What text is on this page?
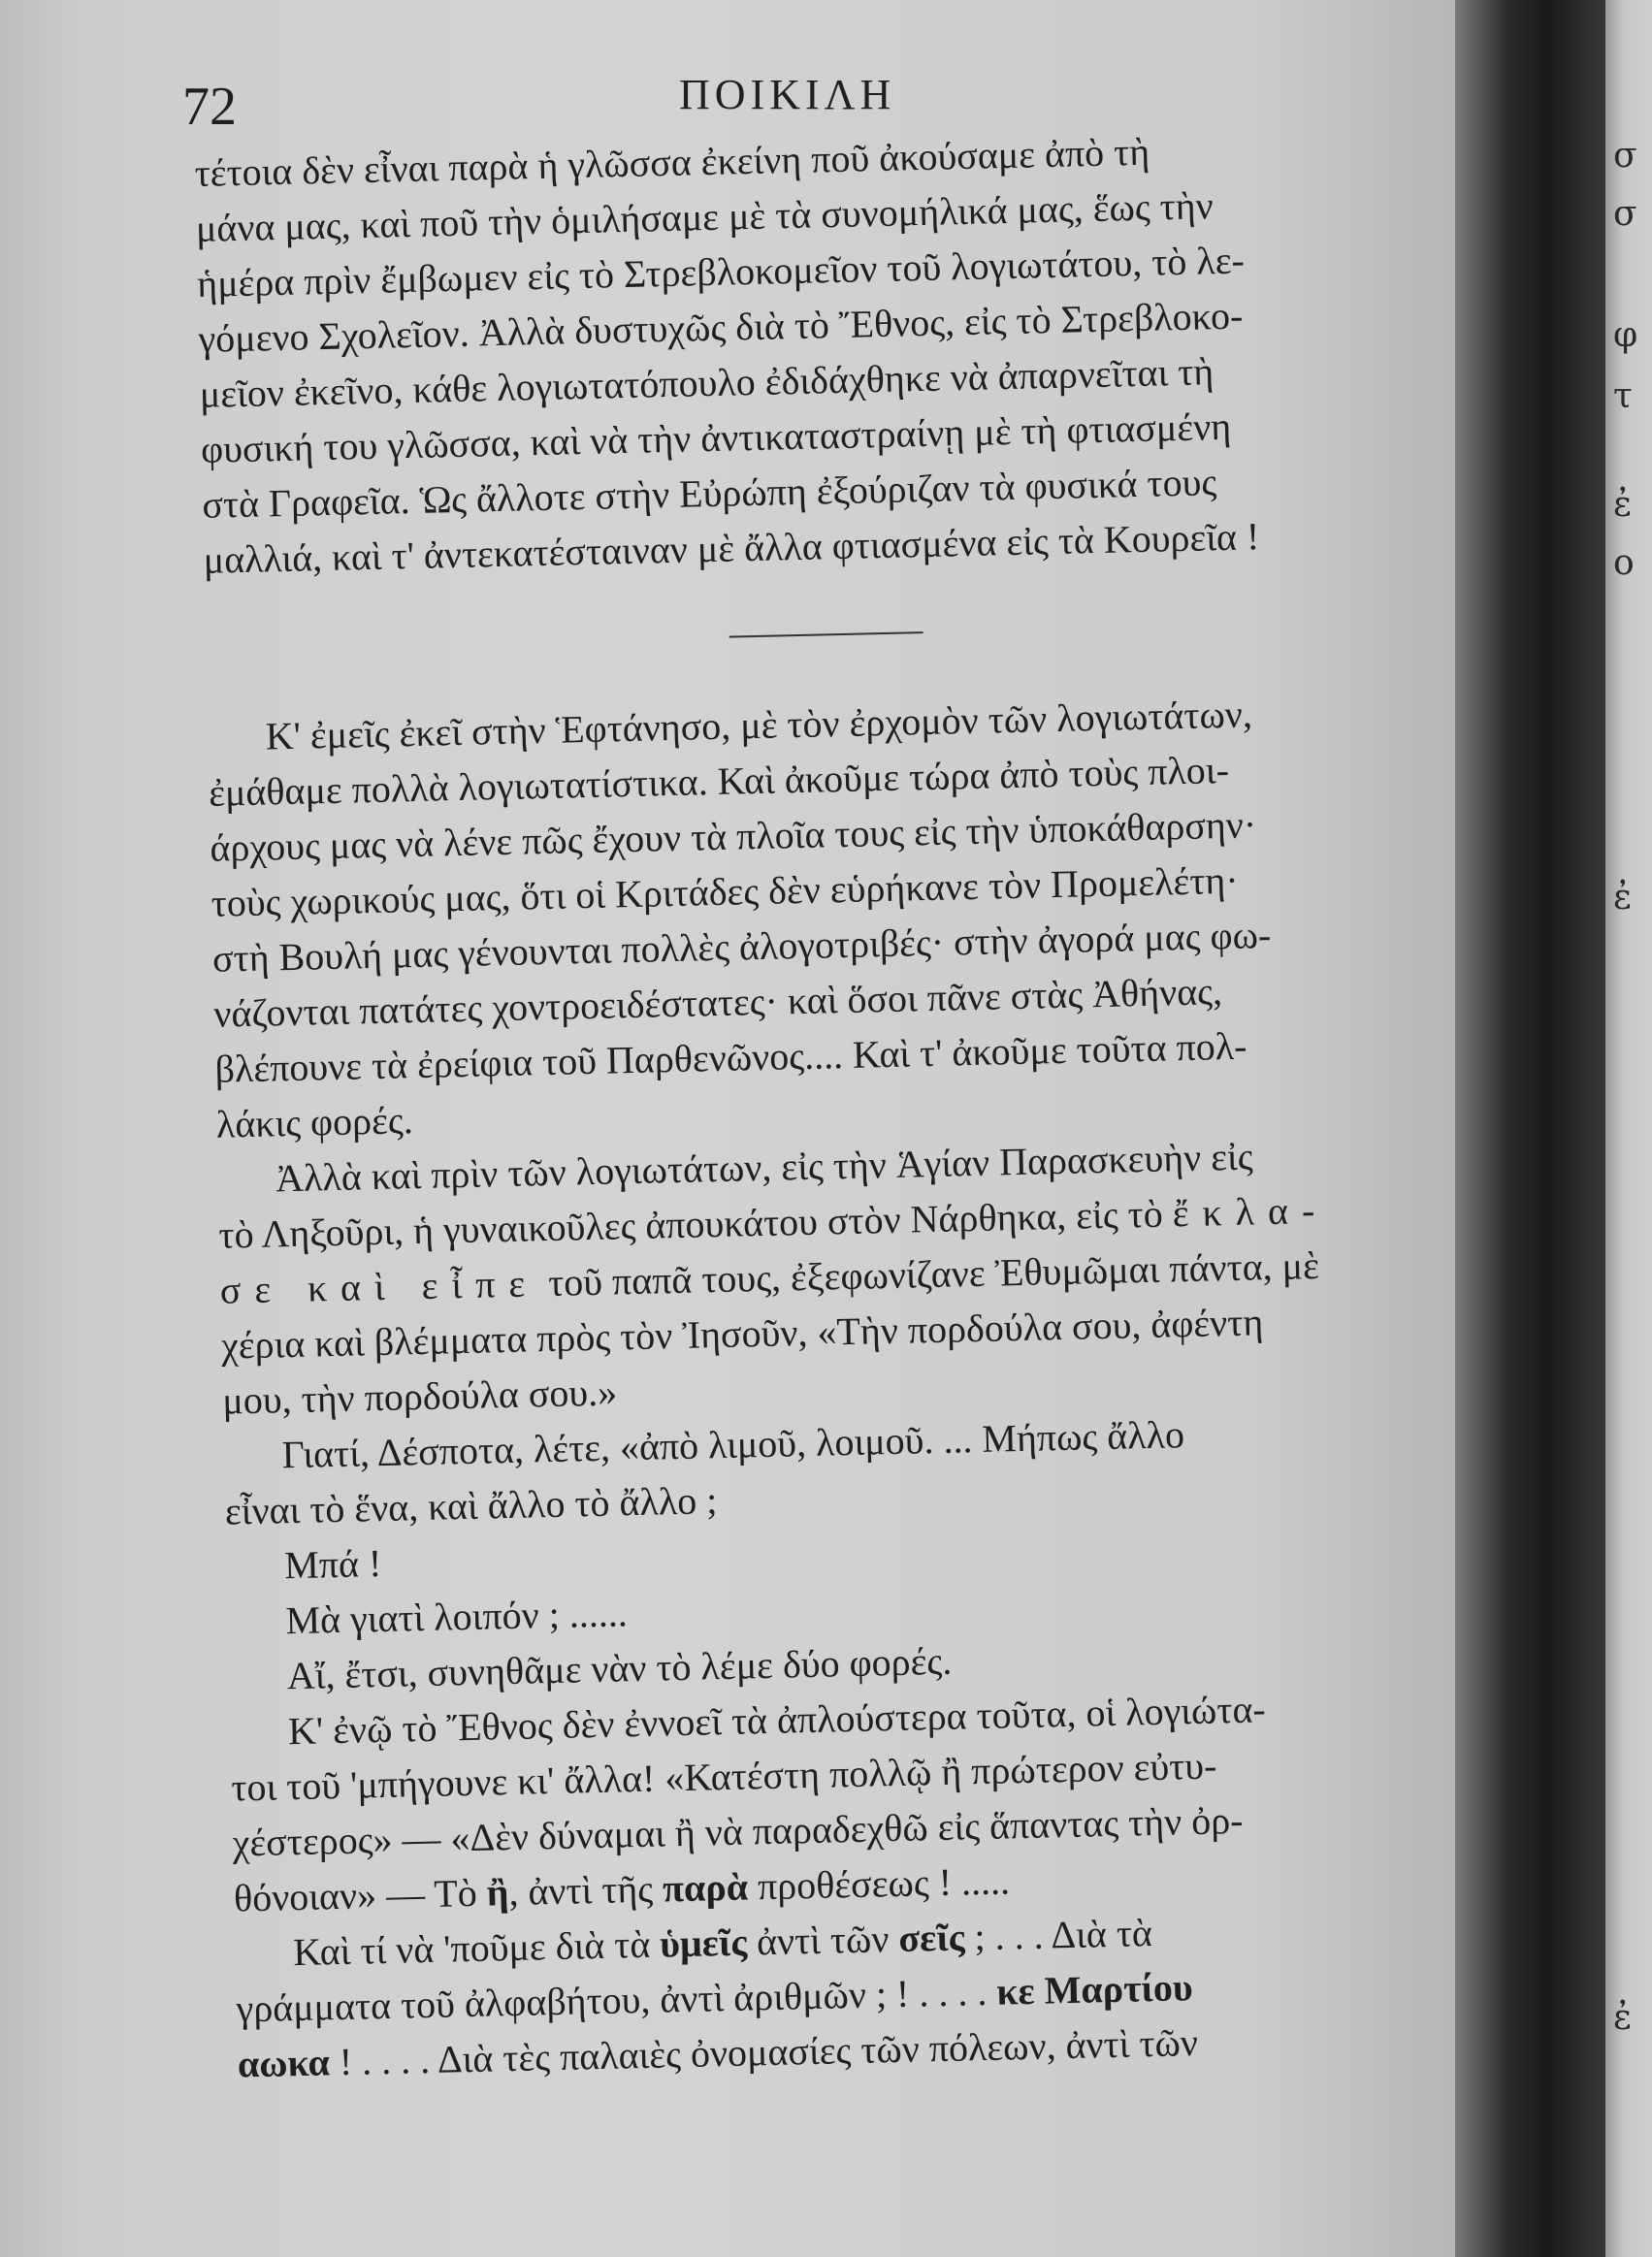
72	ΠΟΙΚΙΛΗ
τέτοια δὲν εἶναι παρὰ ἡ γλῶσσα ἐκείνη ποῦ ἀκούσαμε ἀπὸ τὴ
μάνα μας, καὶ ποῦ τὴν ὁμιλήσαμε μὲ τὰ συνομήλικά μας, ἕως τὴν
ἡμέρα πρὶν ἔμβωμεν εἰς τὸ Στρεβλοκομεῖον τοῦ λογιωτάτου, τὸ λε-
γόμενο Σχολεῖον. Ἀλλὰ δυστυχῶς διὰ τὸ Ἔθνος, εἰς τὸ Στρεβλοκο-
μεῖον ἐκεῖνο, κάθε λογιωτατόπουλο ἐδιδάχθηκε νὰ ἀπαρνεῖται τὴ
φυσική του γλῶσσα, καὶ νὰ τὴν ἀντικαταστραίνῃ μὲ τὴ φτιασμένη
στὰ Γραφεῖα. Ὡς ἄλλοτε στὴν Εὐρώπη ἐξούριζαν τὰ φυσικά τους
μαλλιά, καὶ τ' ἀντεκατέσταιναν μὲ ἄλλα φτιασμένα εἰς τὰ Κουρεῖα !
Κ' ἐμεῖς ἐκεῖ στὴν Ἑφτάνησο, μὲ τὸν ἐρχομὸν τῶν λογιωτάτων,
ἐμάθαμε πολλὰ λογιωτατίστικα. Καὶ ἀκοῦμε τώρα ἀπὸ τοὺς πλοι-
άρχους μας νὰ λένε πῶς ἔχουν τὰ πλοῖα τους εἰς τὴν ὑποκάθαρσην·
τοὺς χωρικούς μας, ὅτι οἱ Κριτάδες δὲν εὑρήκανε τὸν Προμελέτη·
στὴ Βουλή μας γένουνται πολλὲς ἀλογοτριβές· στὴν ἀγορά μας φω-
νάζονται πατάτες χοντροειδέστατες· καὶ ὅσοι πᾶνε στὰς Ἀθήνας,
βλέπουνε τὰ ἐρείφια τοῦ Παρθενῶνος.... Καὶ τ' ἀκοῦμε τοῦτα πολ-
λάκις φορές.
Ἀλλὰ καὶ πρὶν τῶν λογιωτάτων, εἰς τὴν Ἁγίαν Παρασκευὴν εἰς
τὸ Ληξοῦρι, ἡ γυναικοῦλες ἀπουκάτου στὸν Νάρθηκα, εἰς τὸ ἔκλα-
σε καὶ εἶπε τοῦ παπᾶ τους, ἐξεφωνίζανε Ἐθυμῶμαι πάντα, μὲ
χέρια καὶ βλέμματα πρὸς τὸν Ἰησοῦν, «Τὴν πορδούλα σου, ἀφέντη
μου, τὴν πορδούλα σου.»
Γιατί, Δέσποτα, λέτε, «ἀπὸ λιμοῦ, λοιμοῦ. ... Μήπως ἄλλο
εἶναι τὸ ἕνα, καὶ ἄλλο τὸ ἄλλο ;
Μπά !
Μὰ γιατὶ λοιπόν ; ......
Αἴ, ἔτσι, συνηθᾶμε νὰν τὸ λέμε δύο φορές.
Κ' ἐνῷ τὸ Ἔθνος δὲν ἐννοεῖ τὰ ἀπλούστερα τοῦτα, οἱ λογιώτα-
τοι τοῦ 'μπήγουνε κι' ἄλλα! «Κατέστη πολλῷ ἢ πρώτερον εὐτυ-
χέστερος» — «Δὲν δύναμαι ἢ νὰ παραδεχθῶ εἰς ἅπαντας τὴν ὀρ-
θόνοιαν» — Τὸ ἢ, ἀντὶ τῆς παρὰ προθέσεως ! .....
Καὶ τί νὰ 'ποῦμε διὰ τὰ ὑμεῖς ἀντὶ τῶν σεῖς ; . . . Διὰ τὰ
γράμματα τοῦ ἀλφαβήτου, ἀντὶ ἀριθμῶν ; ! . . . . κε Μαρτίου
αωκα ! . . . . Διὰ τὲς παλαιὲς ὀνομασίες τῶν πόλεων, ἀντὶ τῶν
σ
σ
φ
τ
ἐ
ο
ἐ
ἐ
